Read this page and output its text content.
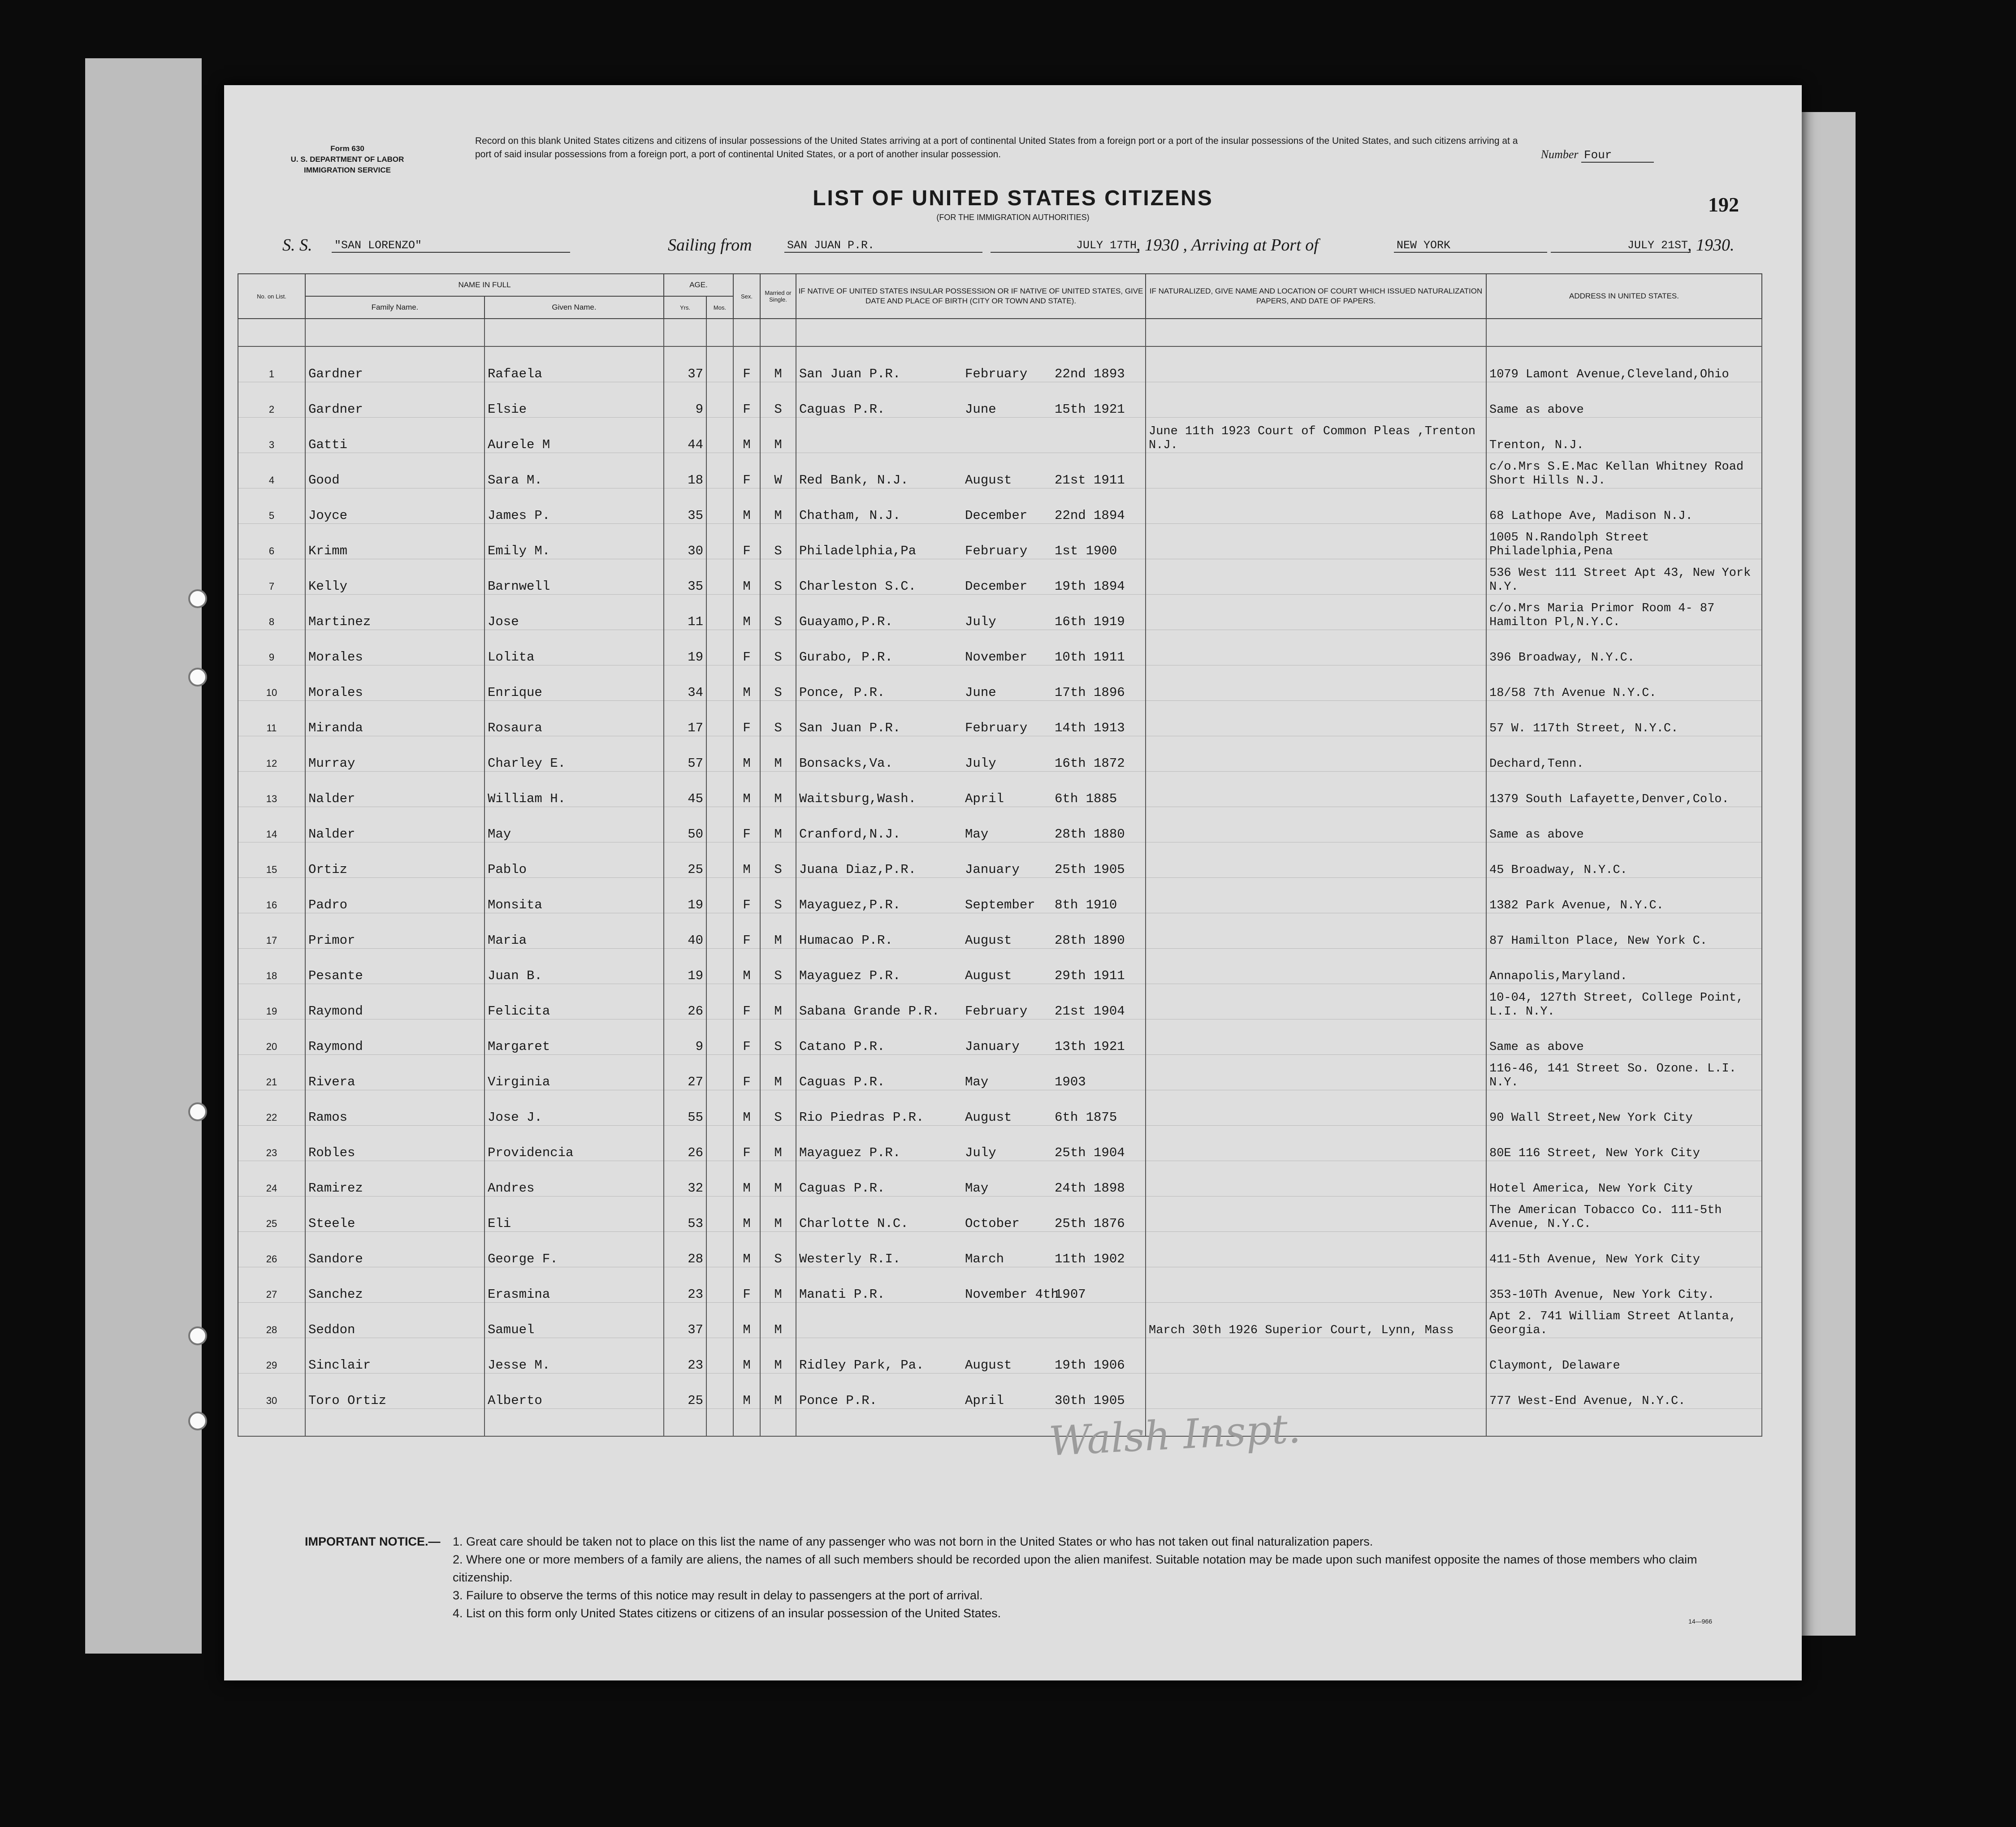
Form 630
U. S. DEPARTMENT OF LABOR
IMMIGRATION SERVICE
Record on this blank United States citizens and citizens of insular possessions of the United States arriving at a port of continental United States from a foreign port or a port of the insular possessions of the United States, and such citizens arriving at a port of said insular possessions from a foreign port, a port of continental United States, or a port of another insular possession.	Number Four
LIST OF UNITED STATES CITIZENS
(FOR THE IMMIGRATION AUTHORITIES)
192
S. S. "SAN LORENZO"	Sailing from	SAN JUAN P.R.	JULY 17TH , 1930 , Arriving at Port of	NEW YORK	JULY 21ST , 1930.
No. on List.	NAME IN FULL		AGE.		Sex.	Married or Single.	IF NATIVE OF UNITED STATES INSULAR POSSESSION OR IF NATIVE OF UNITED STATES, GIVE DATE AND PLACE OF BIRTH (CITY OR TOWN AND STATE).	IF NATURALIZED, GIVE NAME AND LOCATION OF COURT WHICH ISSUED NATURALIZATION PAPERS, AND DATE OF PAPERS.	ADDRESS IN UNITED STATES.
	Family Name.	Given Name.	Yrs.	Mos.					

1	Gardner	Rafaela	37		F	M	San Juan P.R. February 22nd 1893		1079 Lamont Avenue,Cleveland,Ohio
2	Gardner	Elsie	9		F	S	Caguas P.R. June 15th 1921		Same as above
3	Gatti	Aurele M	44		M	M		June 11th 1923 Court of Common Pleas ,Trenton N.J.	Trenton, N.J.
4	Good	Sara M.	18		F	W	Red Bank, N.J. August 21st 1911		c/o.Mrs S.E.Mac Kellan Whitney Road Short Hills N.J.
5	Joyce	James P.	35		M	M	Chatham, N.J. December 22nd 1894		68 Lathope Ave, Madison N.J.
6	Krimm	Emily M.	30		F	S	Philadelphia,Pa February 1st 1900		1005 N.Randolph Street Philadelphia,Pena
7	Kelly	Barnwell	35		M	S	Charleston S.C. December 19th 1894		536 West 111 Street Apt 43, New York N.Y.
8	Martinez	Jose	11		M	S	Guayamo,P.R. July 16th 1919		c/o.Mrs Maria Primor Room 4- 87 Hamilton Pl,N.Y.C.
9	Morales	Lolita	19		F	S	Gurabo, P.R. November 10th 1911		396 Broadway, N.Y.C.
10	Morales	Enrique	34		M	S	Ponce, P.R. June 17th 1896		18/58 7th Avenue N.Y.C.
11	Miranda	Rosaura	17		F	S	San Juan P.R. February 14th 1913		57 W. 117th Street, N.Y.C.
12	Murray	Charley E.	57		M	M	Bonsacks,Va. July 16th 1872		Dechard,Tenn.
13	Nalder	William H.	45		M	M	Waitsburg,Wash. April 6th 1885		1379 South Lafayette,Denver,Colo.
14	Nalder	May	50		F	M	Cranford,N.J. May 28th 1880		Same as above
15	Ortiz	Pablo	25		M	S	Juana Diaz,P.R. January 25th 1905		45 Broadway, N.Y.C.
16	Padro	Monsita	19		F	S	Mayaguez,P.R. September 8th 1910		1382 Park Avenue, N.Y.C.
17	Primor	Maria	40		F	M	Humacao P.R. August 28th 1890		87 Hamilton Place, New York C.
18	Pesante	Juan B.	19		M	S	Mayaguez P.R. August 29th 1911		Annapolis,Maryland.
19	Raymond	Felicita	26		F	M	Sabana Grande P.R. February 21st 1904		10-04, 127th Street, College Point, L.I. N.Y.
20	Raymond	Margaret	9		F	S	Catano P.R. January 13th 1921		Same as above
21	Rivera	Virginia	27		F	M	Caguas P.R. May 1903		116-46, 141 Street So. Ozone. L.I. N.Y.
22	Ramos	Jose J.	55		M	S	Rio Piedras P.R. August 6th 1875		90 Wall Street,New York City
23	Robles	Providencia	26		F	M	Mayaguez P.R. July 25th 1904		80E 116 Street, New York City
24	Ramirez	Andres	32		M	M	Caguas P.R. May 24th 1898		Hotel America, New York City
25	Steele	Eli	53		M	M	Charlotte N.C. October 25th 1876		The American Tobacco Co. 111-5th Avenue, N.Y.C.
26	Sandore	George F.	28		M	S	Westerly R.I. March 11th 1902		411-5th Avenue, New York City
27	Sanchez	Erasmina	23		F	M	Manati P.R. November 4th1907		353-10Th Avenue, New York City.
28	Seddon	Samuel	37		M	M		March 30th 1926 Superior Court, Lynn, Mass	Apt 2. 741 William Street Atlanta, Georgia.
29	Sinclair	Jesse M.	23		M	M	Ridley Park, Pa. August 19th 1906		Claymont, Delaware
30	Toro Ortiz	Alberto	25		M	M	Ponce P.R. April 30th 1905		777 West-End Avenue, N.Y.C.

Walsh Inspt.
IMPORTANT NOTICE.— 1. Great care should be taken not to place on this list the name of any passenger who was not born in the United States or who has not taken out final naturalization papers.
2. Where one or more members of a family are aliens, the names of all such members should be recorded upon the alien manifest. Suitable notation may be made upon such manifest opposite the names of those members who claim citizenship.
3. Failure to observe the terms of this notice may result in delay to passengers at the port of arrival.
4. List on this form only United States citizens or citizens of an insular possession of the United States.
14—966
